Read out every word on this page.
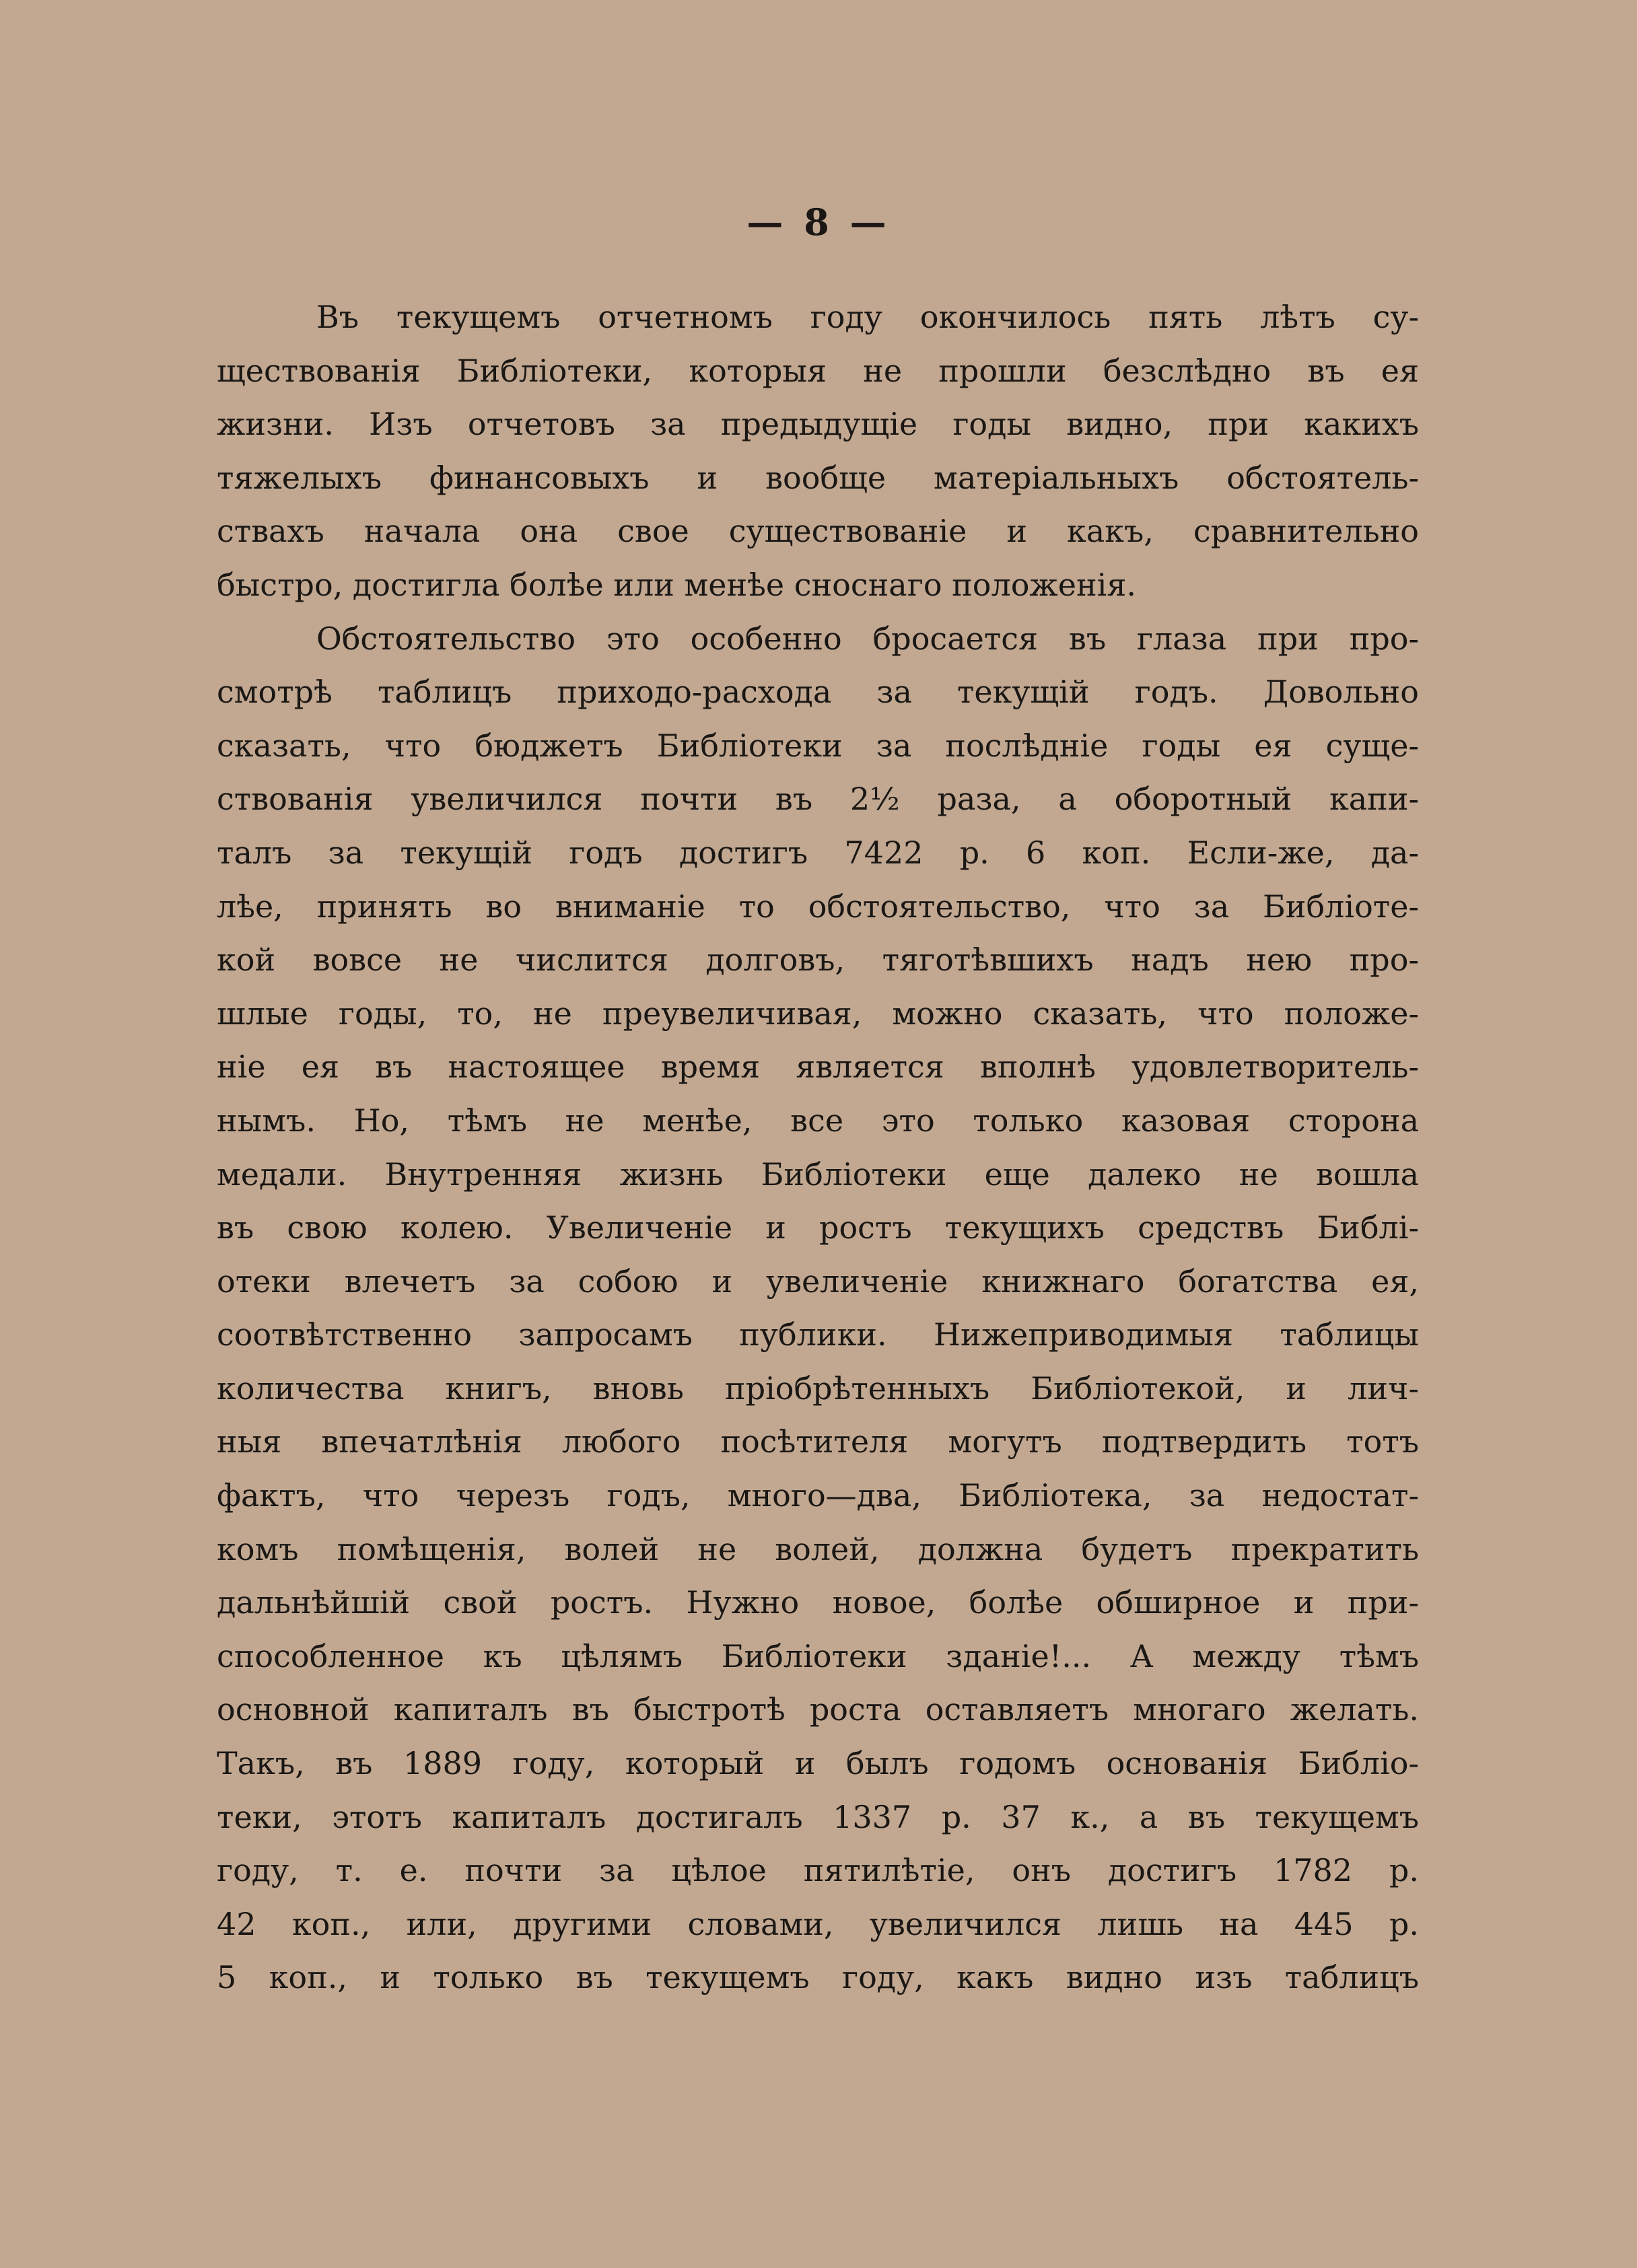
— 8 —
Въ текущемъ отчетномъ году окончилось пять лѣтъ су-
ществованія Библіотеки, которыя не прошли безслѣдно въ ея
жизни. Изъ отчетовъ за предыдущіе годы видно, при какихъ
тяжелыхъ финансовыхъ и вообще матеріальныхъ обстоятель-
ствахъ начала она свое существованіе и какъ, сравнительно
быстро, достигла болѣе или менѣе сноснаго положенія.
Обстоятельство это особенно бросается въ глаза при про-
смотрѣ таблицъ приходо-расхода за текущій годъ. Довольно
сказать, что бюджетъ Библіотеки за послѣдніе годы ея суще-
ствованія увеличился почти въ 2½ раза, а оборотный капи-
талъ за текущій годъ достигъ 7422 р. 6 коп. Если-же, да-
лѣе, принять во вниманіе то обстоятельство, что за Библіоте-
кой вовсе не числится долговъ, тяготѣвшихъ надъ нею про-
шлые годы, то, не преувеличивая, можно сказать, что положе-
ніе ея въ настоящее время является вполнѣ удовлетворитель-
нымъ. Но, тѣмъ не менѣе, все это только казовая сторона
медали. Внутренняя жизнь Библіотеки еще далеко не вошла
въ свою колею. Увеличеніе и ростъ текущихъ средствъ Библі-
отеки влечетъ за собою и увеличеніе книжнаго богатства ея,
соотвѣтственно запросамъ публики. Нижеприводимыя таблицы
количества книгъ, вновь пріобрѣтенныхъ Библіотекой, и лич-
ныя впечатлѣнія любого посѣтителя могутъ подтвердить тотъ
фактъ, что черезъ годъ, много—два, Библіотека, за недостат-
комъ помѣщенія, волей не волей, должна будетъ прекратить
дальнѣйшій свой ростъ. Нужно новое, болѣе обширное и при-
способленное къ цѣлямъ Библіотеки зданіе!... А между тѣмъ
основной капиталъ въ быстротѣ роста оставляетъ многаго желать.
Такъ, въ 1889 году, который и былъ годомъ основанія Библіо-
теки, этотъ капиталъ достигалъ 1337 р. 37 к., а въ текущемъ
году, т. е. почти за цѣлое пятилѣтіе, онъ достигъ 1782 р.
42 коп., или, другими словами, увеличился лишь на 445 р.
5 коп., и только въ текущемъ году, какъ видно изъ таблицъ
